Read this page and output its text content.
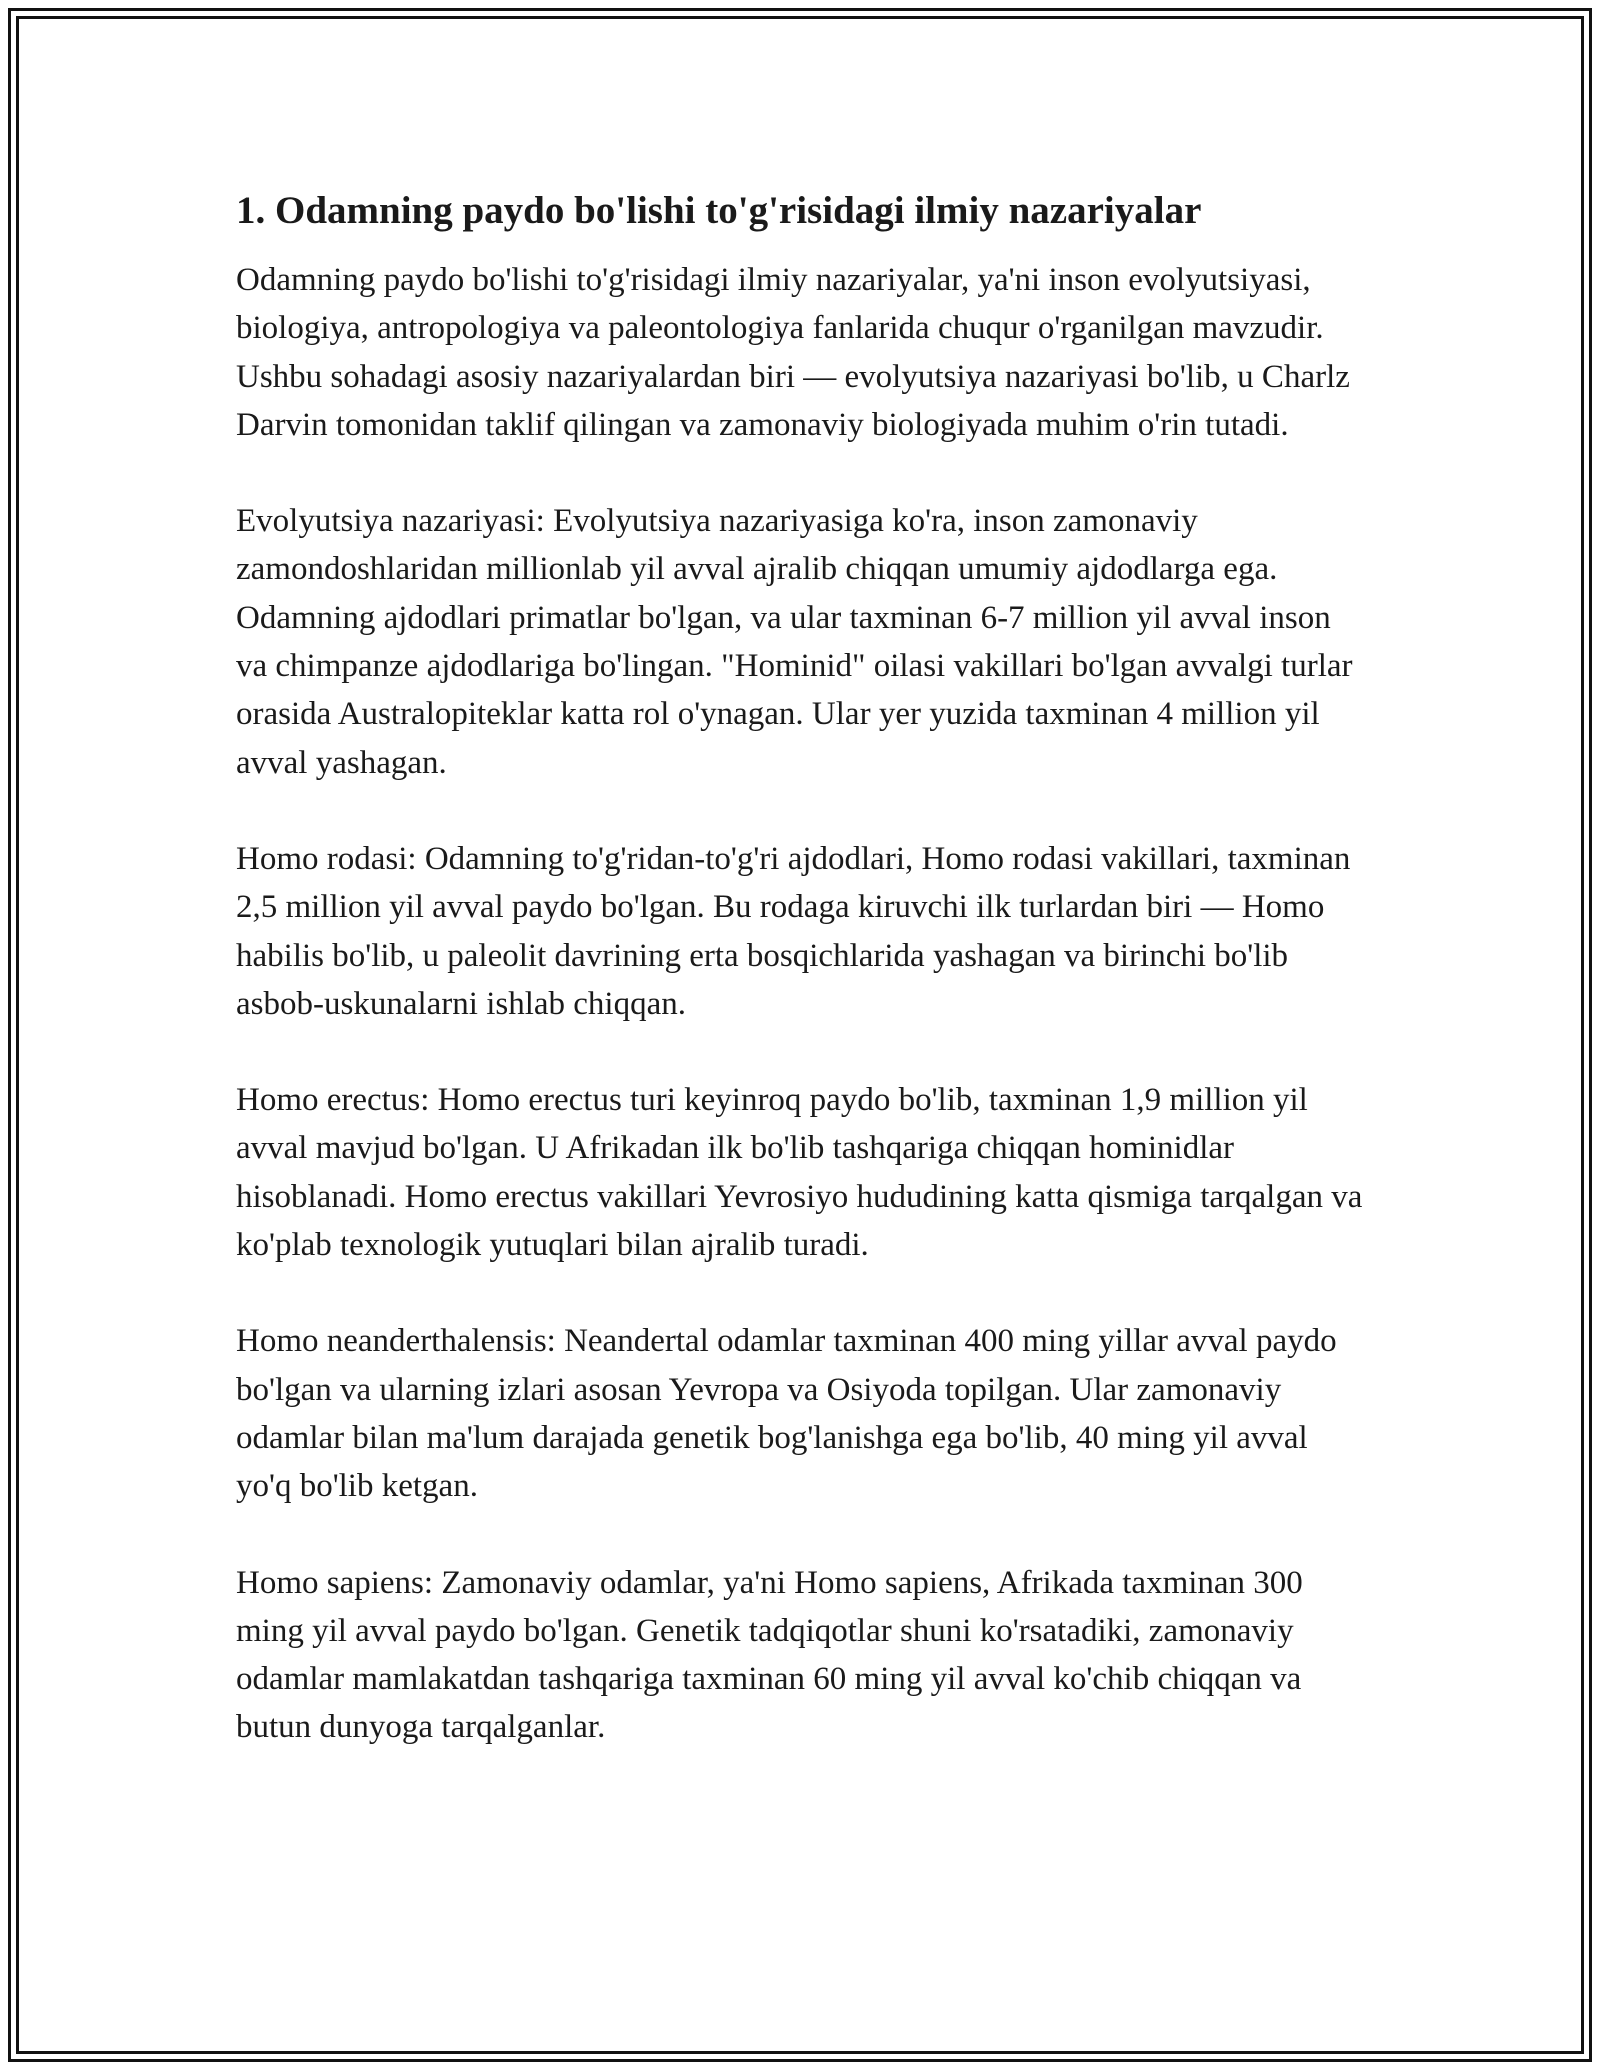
1. Odamning paydo bo'lishi to'g'risidagi ilmiy nazariyalar

Odamning paydo bo'lishi to'g'risidagi ilmiy nazariyalar, ya'ni inson evolyutsiyasi, biologiya, antropologiya va paleontologiya fanlarida chuqur o'rganilgan mavzudir. Ushbu sohadagi asosiy nazariyalardan biri — evolyutsiya nazariyasi bo'lib, u Charlz Darvin tomonidan taklif qilingan va zamonaviy biologiyada muhim o'rin tutadi.

Evolyutsiya nazariyasi: Evolyutsiya nazariyasiga ko'ra, inson zamonaviy zamondoshlaridan millionlab yil avval ajralib chiqqan umumiy ajdodlarga ega. Odamning ajdodlari primatlar bo'lgan, va ular taxminan 6-7 million yil avval inson va chimpanze ajdodlariga bo'lingan. "Hominid" oilasi vakillari bo'lgan avvalgi turlar orasida Australopiteklar katta rol o'ynagan. Ular yer yuzida taxminan 4 million yil avval yashagan.

Homo rodasi: Odamning to'g'ridan-to'g'ri ajdodlari, Homo rodasi vakillari, taxminan 2,5 million yil avval paydo bo'lgan. Bu rodaga kiruvchi ilk turlardan biri — Homo habilis bo'lib, u paleolit davrining erta bosqichlarida yashagan va birinchi bo'lib asbob-uskunalarni ishlab chiqqan.

Homo erectus: Homo erectus turi keyinroq paydo bo'lib, taxminan 1,9 million yil avval mavjud bo'lgan. U Afrikadan ilk bo'lib tashqariga chiqqan hominidlar hisoblanadi. Homo erectus vakillari Yevrosiyo hududining katta qismiga tarqalgan va ko'plab texnologik yutuqlari bilan ajralib turadi.

Homo neanderthalensis: Neandertal odamlar taxminan 400 ming yillar avval paydo bo'lgan va ularning izlari asosan Yevropa va Osiyoda topilgan. Ular zamonaviy odamlar bilan ma'lum darajada genetik bog'lanishga ega bo'lib, 40 ming yil avval yo'q bo'lib ketgan.

Homo sapiens: Zamonaviy odamlar, ya'ni Homo sapiens, Afrikada taxminan 300 ming yil avval paydo bo'lgan. Genetik tadqiqotlar shuni ko'rsatadiki, zamonaviy odamlar mamlakatdan tashqariga taxminan 60 ming yil avval ko'chib chiqqan va butun dunyoga tarqalganlar.
